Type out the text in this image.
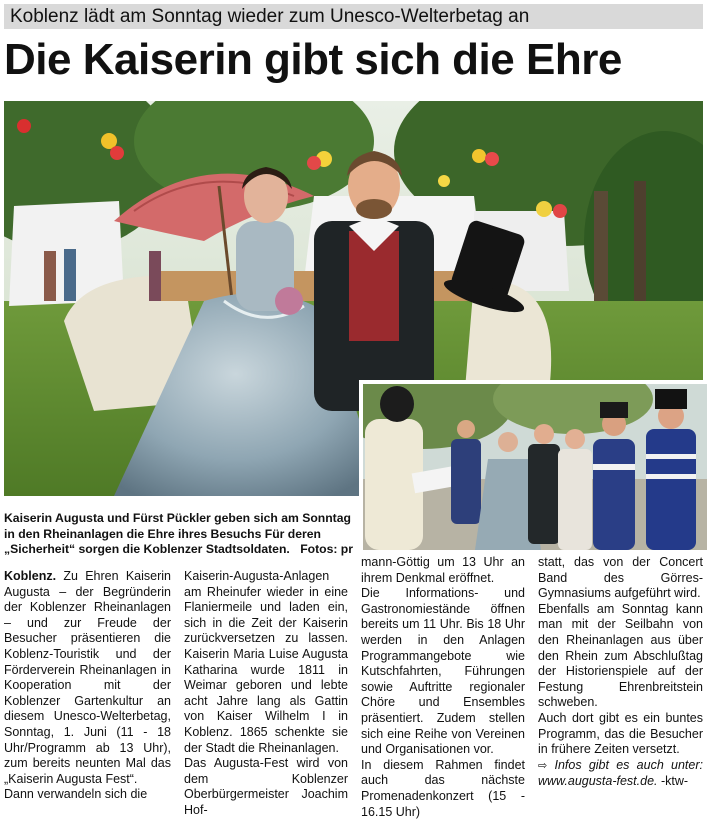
Koblenz lädt am Sonntag wieder zum Unesco-Welterbetag an
Die Kaiserin gibt sich die Ehre
Kaiserin Augusta und Fürst Pückler geben sich am Sonntag in den Rheinanlagen die Ehre ihres Besuchs Für deren „Sicherheit“ sorgen die Koblenzer Stadtsoldaten. Fotos: pr

Koblenz. Zu Ehren Kaiserin Augusta – der Begründerin der Koblenzer Rheinanlagen – und zur Freude der Besucher präsentieren die Koblenz-Touristik und der Förderverein Rheinanlagen in Kooperation mit der Koblenzer Gartenkultur an diesem Unesco-Welterbetag, Sonntag, 1. Juni (11 - 18 Uhr/Programm ab 13 Uhr), zum bereits neunten Mal das „Kaiserin Augusta Fest“.

Dann verwandeln sich die

Kaiserin-Augusta-Anlagen am Rheinufer wieder in eine Flaniermeile und laden ein, sich in die Zeit der Kaiserin zurückversetzen zu lassen. Kaiserin Maria Luise Augusta Katharina wurde 1811 in Weimar geboren und lebte acht Jahre lang als Gattin von Kaiser Wilhelm I in Koblenz. 1865 schenkte sie der Stadt die Rheinanlagen.

Das Augusta-Fest wird von dem Koblenzer Oberbürgermeister Joachim Hof-

mann-Göttig um 13 Uhr an ihrem Denkmal eröffnet.

Die Informations- und Gastronomiestände öffnen bereits um 11 Uhr. Bis 18 Uhr werden in den Anlagen Programmangebote wie Kutschfahrten, Führungen sowie Auftritte regionaler Chöre und Ensembles präsentiert. Zudem stellen sich eine Reihe von Vereinen und Organisationen vor.

In diesem Rahmen findet auch das nächste Promenadenkonzert (15 - 16.15 Uhr)

statt, das von der Concert Band des Görres-Gymnasiums aufgeführt wird.

Ebenfalls am Sonntag kann man mit der Seilbahn von den Rheinanlagen aus über den Rhein zum Abschlußtag der Historienspiele auf der Festung Ehrenbreitstein schweben.

Auch dort gibt es ein buntes Programm, das die Besucher in frühere Zeiten versetzt.

⇨ Infos gibt es auch unter: www.augusta-fest.de. -ktw-
